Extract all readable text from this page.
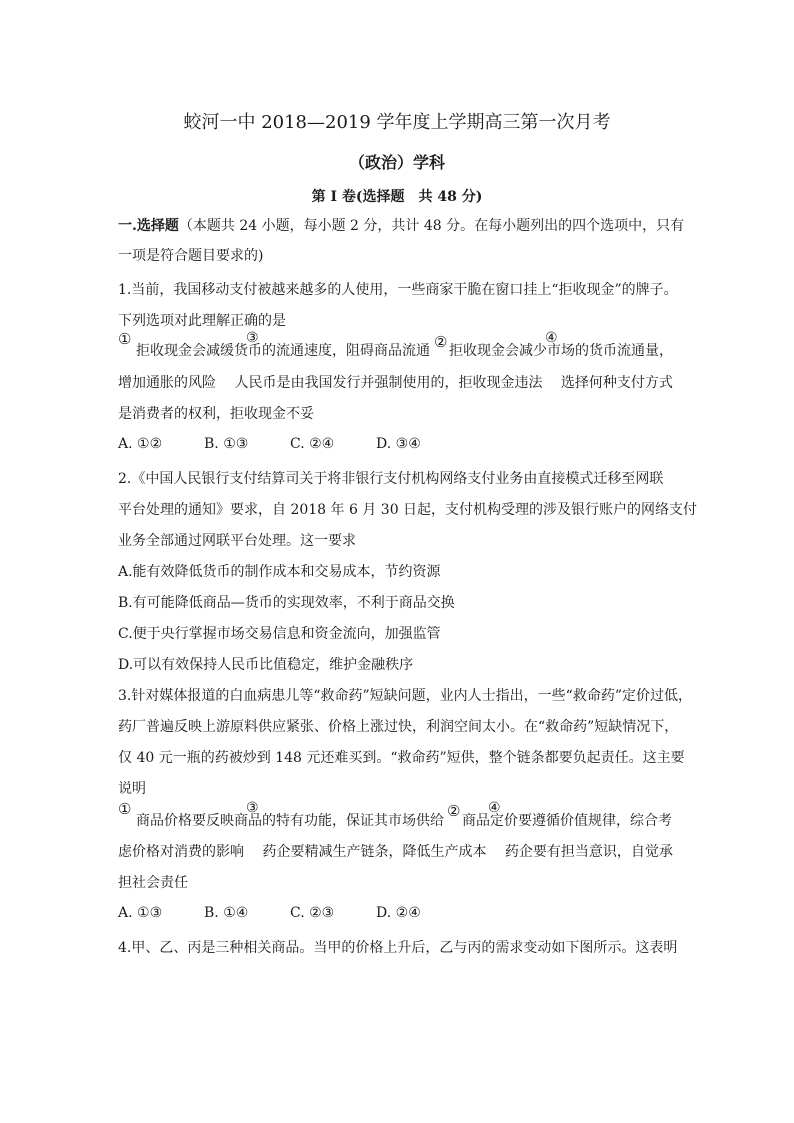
蛟河一中 2018—2019 学年度上学期高三第一次月考
（政治）学科
第 I 卷(选择题　共 48 分)
一.选择题（本题共 24 小题，每小题 2 分，共计 48 分。在每小题列出的四个选项中，只有
一项是符合题目要求的)
1.当前，我国移动支付被越来越多的人使用，一些商家干脆在窗口挂上“拒收现金”的牌子。
下列选项对此理解正确的是
①	③	②	④
拒收现金会减缓货币的流通速度，阻碍商品流通 拒收现金会减少市场的货币流通量，
增加通胀的风险　 人民币是由我国发行并强制使用的，拒收现金违法　 选择何种支付方式
是消费者的权利，拒收现金不妥
A. ①②	B. ①③	C. ②④	D. ③④
2.《中国人民银行支付结算司关于将非银行支付机构网络支付业务由直接模式迁移至网联
平台处理的通知》要求，自 2018 年 6 月 30 日起，支付机构受理的涉及银行账户的网络支付
业务全部通过网联平台处理。这一要求
A.能有效降低货币的制作成本和交易成本，节约资源
B.有可能降低商品—货币的实现效率，不利于商品交换
C.便于央行掌握市场交易信息和资金流向，加强监管
D.可以有效保持人民币比值稳定，维护金融秩序
3.针对媒体报道的白血病患儿等“救命药”短缺问题，业内人士指出，一些“救命药”定价过低，
药厂普遍反映上游原料供应紧张、价格上涨过快，利润空间太小。在“救命药”短缺情况下，
仅 40 元一瓶的药被炒到 148 元还难买到。“救命药”短供，整个链条都要负起责任。这主要
说明
①	③	② ④
商品价格要反映商品的特有功能，保证其市场供给 商品定价要遵循价值规律，综合考
虑价格对消费的影响　 药企要精减生产链条，降低生产成本　 药企要有担当意识，自觉承
担社会责任
A. ①③	B. ①④	C. ②③	D. ②④
4.甲、乙、丙是三种相关商品。当甲的价格上升后，乙与丙的需求变动如下图所示。这表明
